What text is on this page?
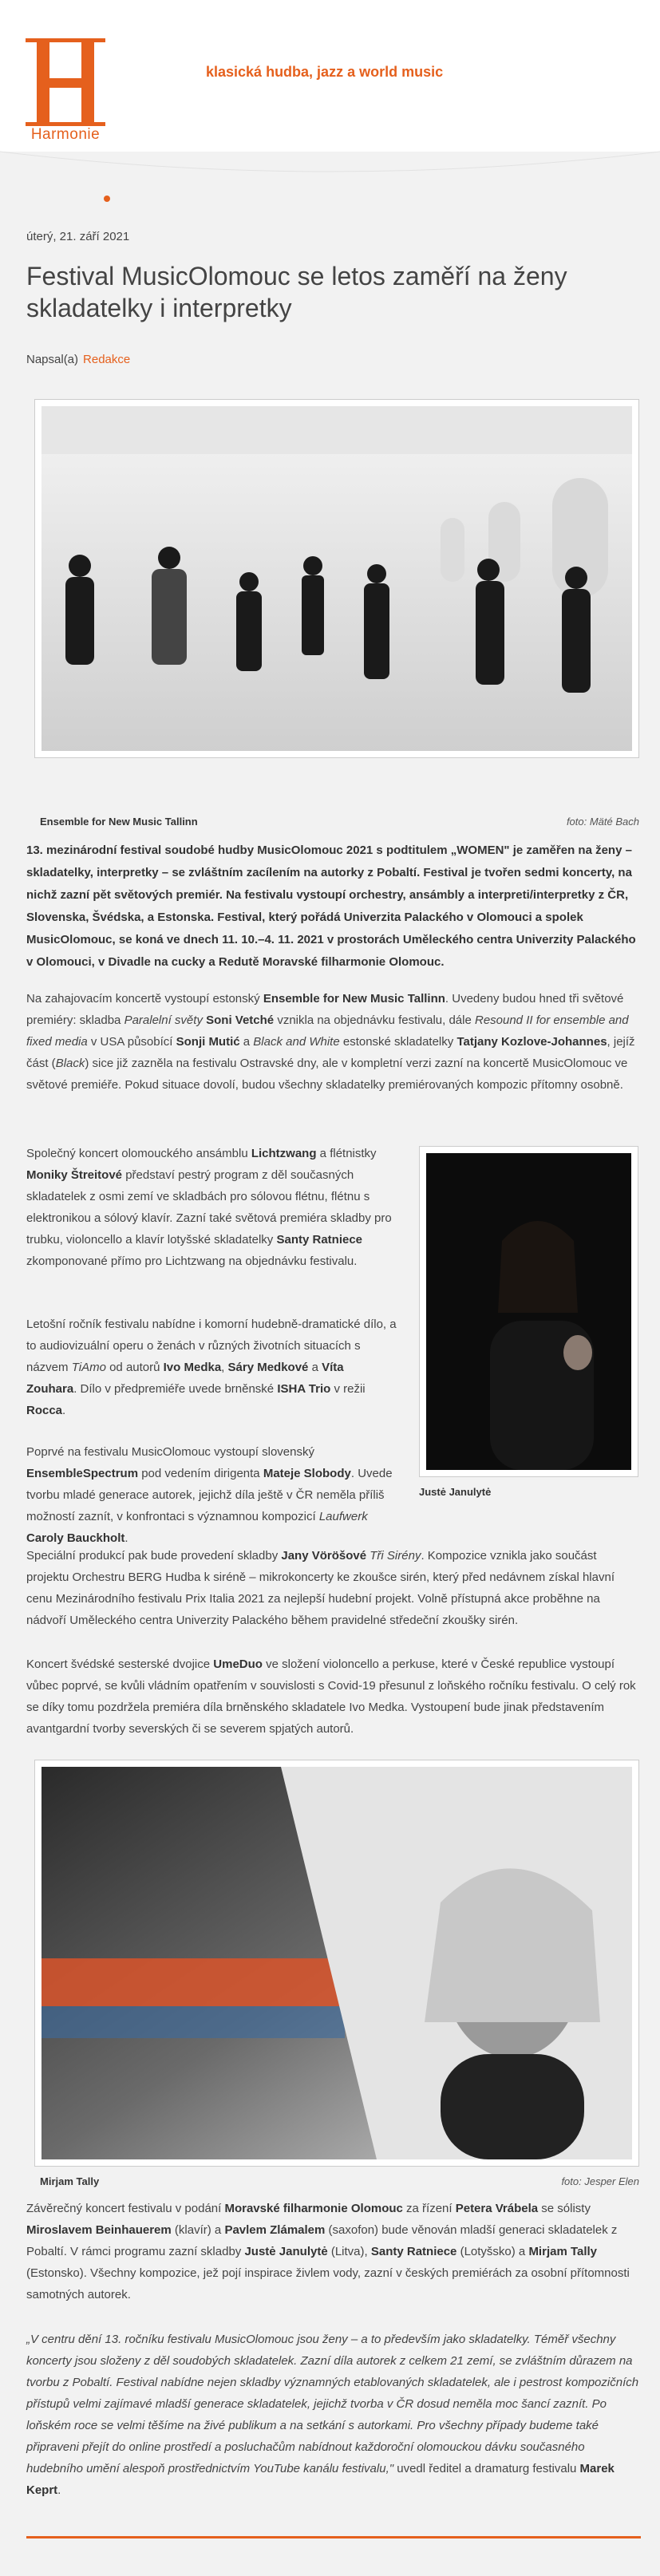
Harmonie
klasická hudba, jazz a world music
úterý, 21. září 2021
Festival MusicOlomouc se letos zaměří na ženy skladatelky i interpretky
Napsal(a) Redakce
Ensemble for New Music Tallinn	foto: Mäté Bach

13. mezinárodní festival soudobé hudby MusicOlomouc 2021 s podtitulem „WOMEN" je zaměřen na ženy – skladatelky, interpretky – se zvláštním zacílením na autorky z Pobaltí. Festival je tvořen sedmi koncerty, na nichž zazní pět světových premiér. Na festivalu vystoupí orchestry, ansámbly a interpreti/interpretky z ČR, Slovenska, Švédska, a Estonska. Festival, který pořádá Univerzita Palackého v Olomouci a spolek MusicOlomouc, se koná ve dnech 11. 10.–4. 11. 2021 v prostorách Uměleckého centra Univerzity Palackého v Olomouci, v Divadle na cucky a Redutě Moravské filharmonie Olomouc.

Na zahajovacím koncertě vystoupí estonský Ensemble for New Music Tallinn. Uvedeny budou hned tři světové premiéry: skladba Paralelní světy Soni Vetché vznikla na objednávku festivalu, dále Resound II for ensemble and fixed media v USA působící Sonji Mutić a Black and White estonské skladatelky Tatjany Kozlove-Johannes, jejíž část (Black) sice již zazněla na festivalu Ostravské dny, ale v kompletní verzi zazní na koncertě MusicOlomouc ve světové premiéře. Pokud situace dovolí, budou všechny skladatelky premiérovaných kompozic přítomny osobně.

Justė Janulytė

Společný koncert olomouckého ansámblu Lichtzwang a flétnistky Moniky Štreitové představí pestrý program z děl současných skladatelek z osmi zemí ve skladbách pro sólovou flétnu, flétnu s elektronikou a sólový klavír. Zazní také světová premiéra skladby pro trubku, violoncello a klavír lotyšské skladatelky Santy Ratniece zkomponované přímo pro Lichtzwang na objednávku festivalu.

Letošní ročník festivalu nabídne i komorní hudebně-dramatické dílo, a to audiovizuální operu o ženách v různých životních situacích s názvem TiAmo od autorů Ivo Medka, Sáry Medkové a Víta Zouhara. Dílo v předpremiéře uvede brněnské ISHA Trio v režii Rocca.

Poprvé na festivalu MusicOlomouc vystoupí slovenský EnsembleSpectrum pod vedením dirigenta Mateje Slobody. Uvede tvorbu mladé generace autorek, jejichž díla ještě v ČR neměla příliš možností zaznít, v konfrontaci s významnou kompozicí Laufwerk Caroly Bauckholt.

Speciální produkcí pak bude provedení skladby Jany Vöröšové Tři Sirény. Kompozice vznikla jako součást projektu Orchestru BERG Hudba k siréně – mikrokoncerty ke zkoušce sirén, který před nedávnem získal hlavní cenu Mezinárodního festivalu Prix Italia 2021 za nejlepší hudební projekt. Volně přístupná akce proběhne na nádvoří Uměleckého centra Univerzity Palackého během pravidelné středeční zkoušky sirén.

Koncert švédské sesterské dvojice UmeDuo ve složení violoncello a perkuse, které v České republice vystoupí vůbec poprvé, se kvůli vládním opatřením v souvislosti s Covid-19 přesunul z loňského ročníku festivalu. O celý rok se díky tomu pozdržela premiéra díla brněnského skladatele Ivo Medka. Vystoupení bude jinak představením avantgardní tvorby severských či se severem spjatých autorů.

Mirjam Tally	foto: Jesper Elen

Závěrečný koncert festivalu v podání Moravské filharmonie Olomouc za řízení Petera Vrábela se sólisty Miroslavem Beinhauerem (klavír) a Pavlem Zlámalem (saxofon) bude věnován mladší generaci skladatelek z Pobaltí. V rámci programu zazní skladby Justė Janulytė (Litva), Santy Ratniece (Lotyšsko) a Mirjam Tally (Estonsko). Všechny kompozice, jež pojí inspirace živlem vody, zazní v českých premiérách za osobní přítomnosti samotných autorek.

„V centru dění 13. ročníku festivalu MusicOlomouc jsou ženy – a to především jako skladatelky. Téměř všechny koncerty jsou složeny z děl soudobých skladatelek. Zazní díla autorek z celkem 21 zemí, se zvláštním důrazem na tvorbu z Pobaltí. Festival nabídne nejen skladby významných etablovaných skladatelek, ale i pestrost kompozičních přístupů velmi zajímavé mladší generace skladatelek, jejichž tvorba v ČR dosud neměla moc šancí zaznít. Po loňském roce se velmi těšíme na živé publikum a na setkání s autorkami. Pro všechny případy budeme také připraveni přejít do online prostředí a posluchačům nabídnout každoroční olomouckou dávku současného hudebního umění alespoň prostřednictvím YouTube kanálu festivalu," uvedl ředitel a dramaturg festivalu Marek Keprt.
